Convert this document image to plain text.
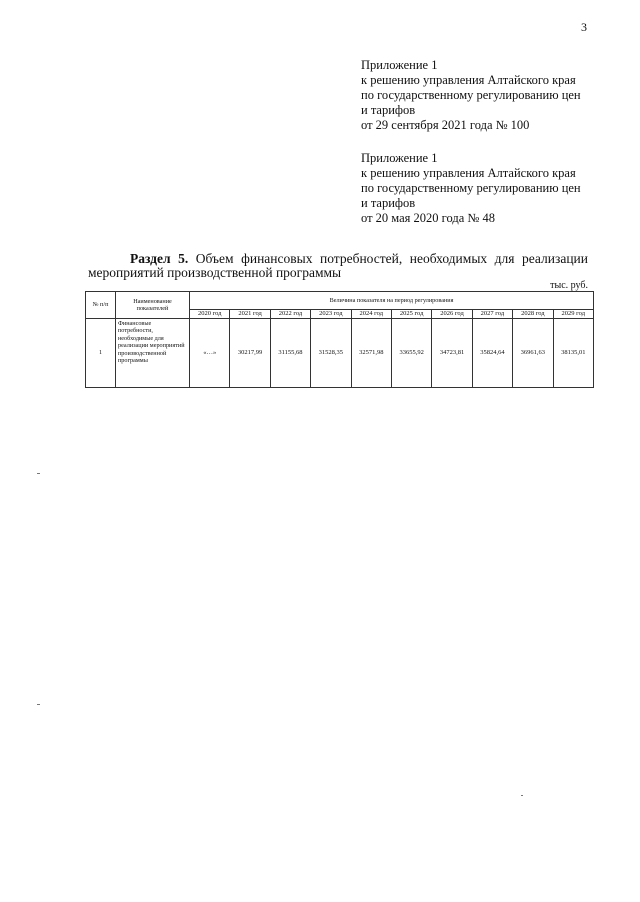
3
Приложение 1
к решению управления Алтайского края
по государственному регулированию цен
и тарифов
от 29 сентября 2021 года № 100
Приложение 1
к решению управления Алтайского края
по государственному регулированию цен
и тарифов
от 20 мая 2020 года № 48
Раздел 5. Объем финансовых потребностей, необходимых для реализации
мероприятий производственной программы
тыс. руб.
№ п/п	Наименование показателей	Величина показателя на период регулирования									
		2020 год	2021 год	2022 год	2023 год	2024 год	2025 год	2026 год	2027 год	2028 год	2029 год
1	Финансовые потребности, необходимые для реализации мероприятий производственной программы	«…»	30217,99	31155,68	31528,35	32571,98	33655,92	34723,81	35824,64	36961,63	38135,01
